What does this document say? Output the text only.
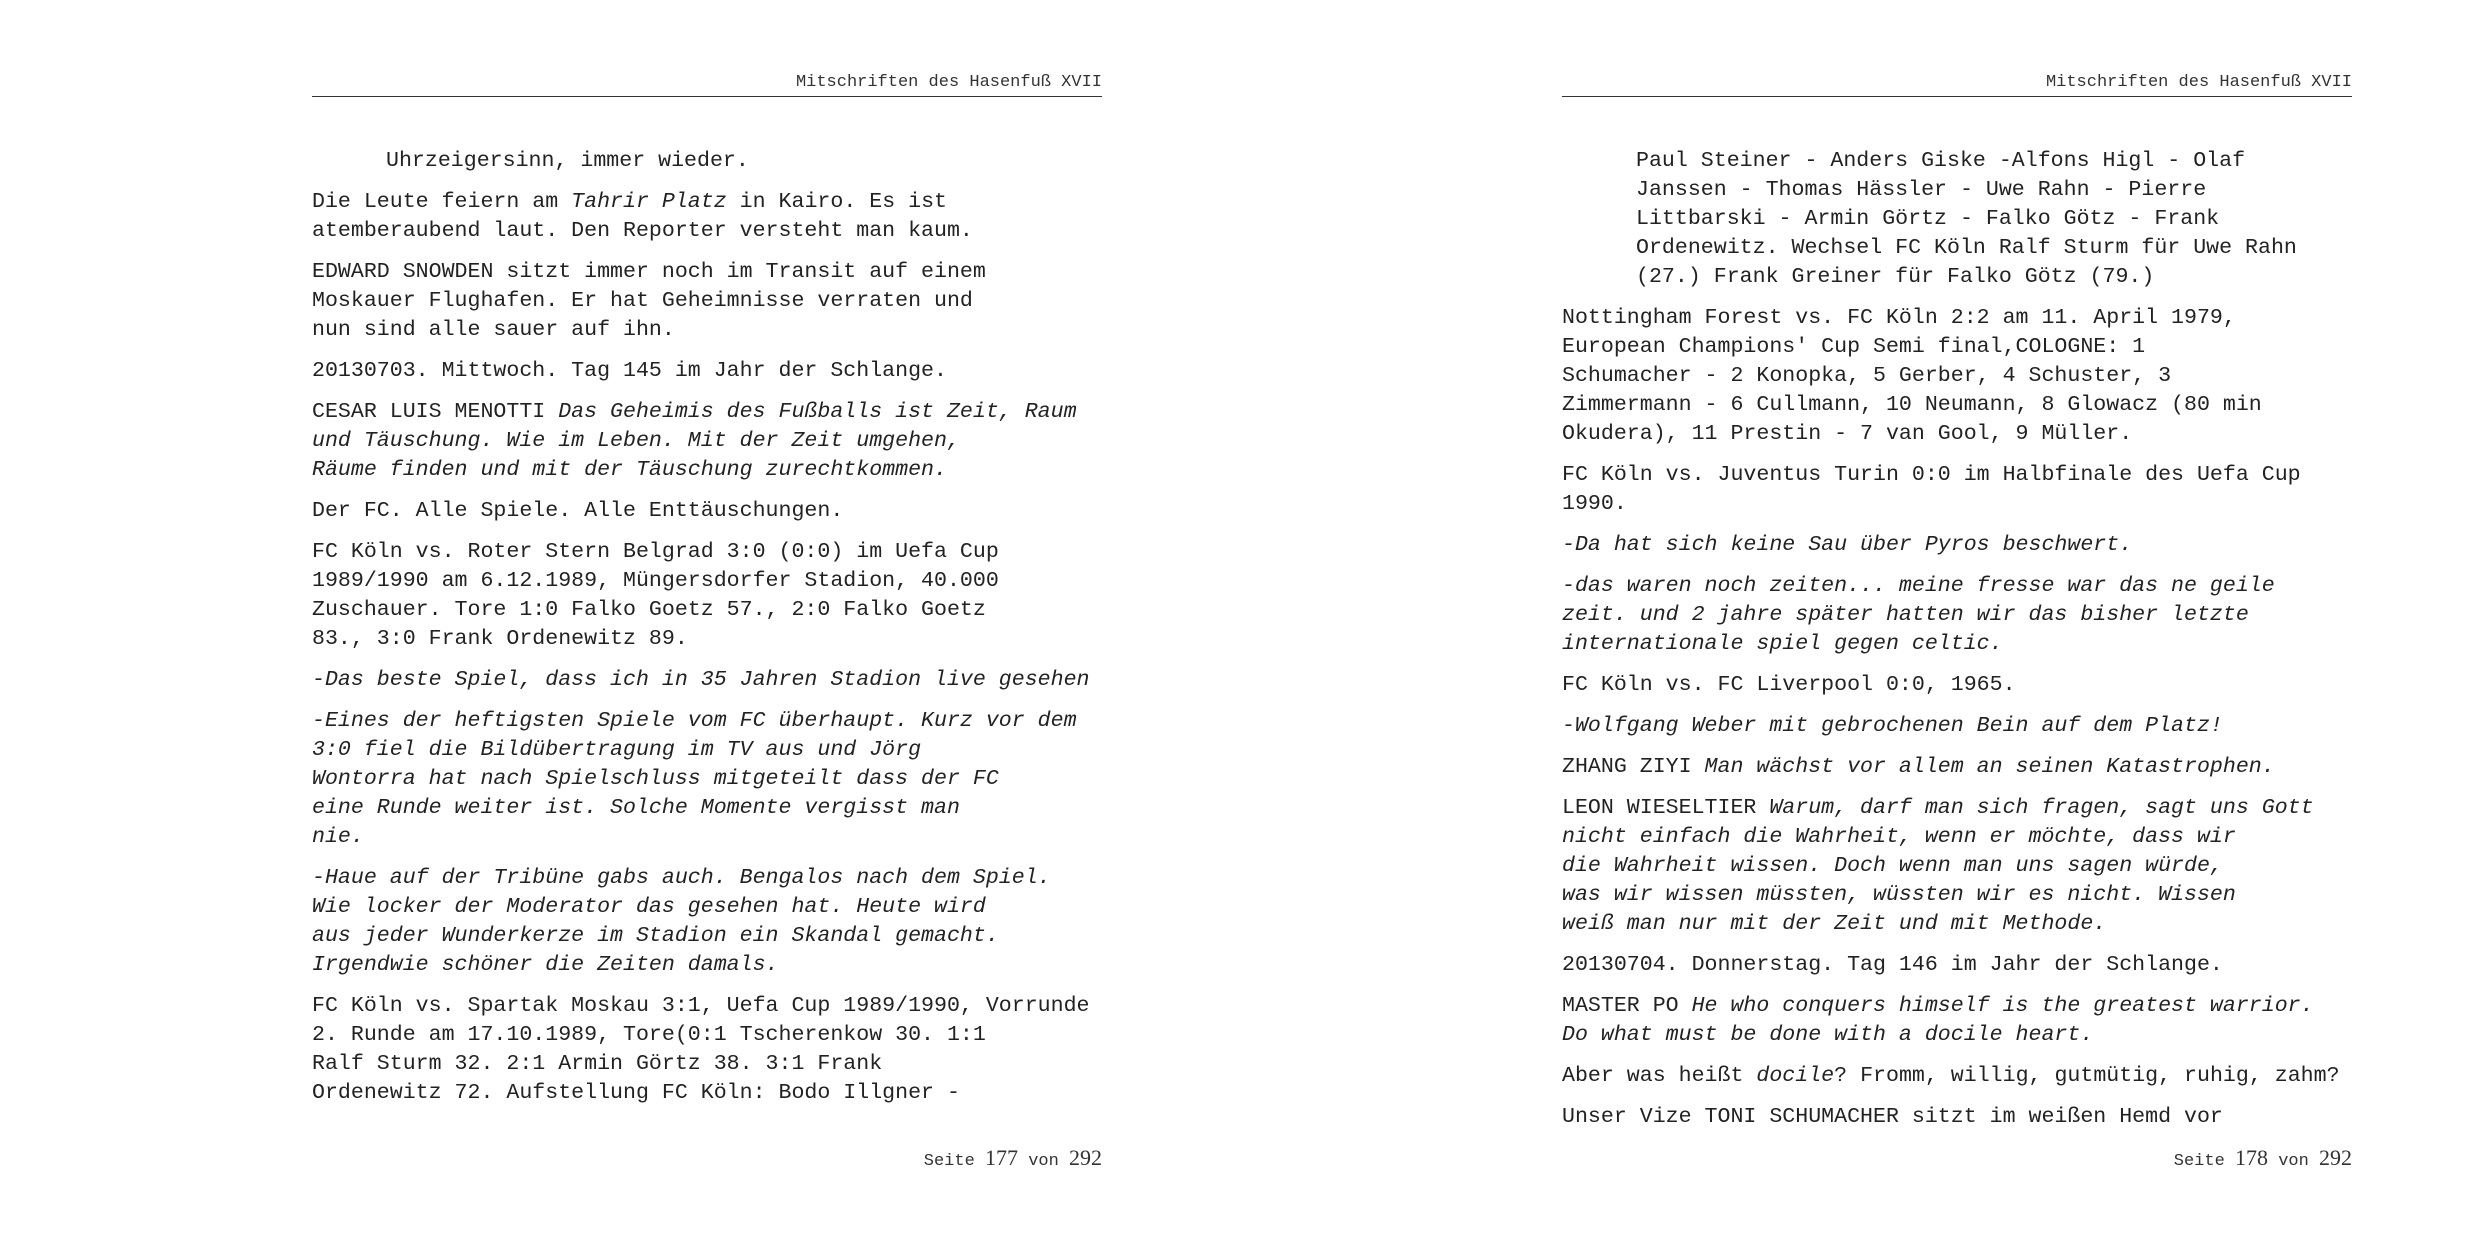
Mitschriften des Hasenfuß XVII

Uhrzeigersinn, immer wieder.

Die Leute feiern am Tahrir Platz in Kairo. Es ist
atemberaubend laut. Den Reporter versteht man kaum.

EDWARD SNOWDEN sitzt immer noch im Transit auf einem
Moskauer Flughafen. Er hat Geheimnisse verraten und
nun sind alle sauer auf ihn.

20130703. Mittwoch. Tag 145 im Jahr der Schlange.

CESAR LUIS MENOTTI Das Geheimis des Fußballs ist Zeit, Raum
und Täuschung. Wie im Leben. Mit der Zeit umgehen,
Räume finden und mit der Täuschung zurechtkommen.

Der FC. Alle Spiele. Alle Enttäuschungen.

FC Köln vs. Roter Stern Belgrad 3:0 (0:0) im Uefa Cup
1989/1990 am 6.12.1989, Müngersdorfer Stadion, 40.000
Zuschauer. Tore 1:0 Falko Goetz 57., 2:0 Falko Goetz
83., 3:0 Frank Ordenewitz 89.

-Das beste Spiel, dass ich in 35 Jahren Stadion live gesehen

-Eines der heftigsten Spiele vom FC überhaupt. Kurz vor dem
3:0 fiel die Bildübertragung im TV aus und Jörg
Wontorra hat nach Spielschluss mitgeteilt dass der FC
eine Runde weiter ist. Solche Momente vergisst man
nie.

-Haue auf der Tribüne gabs auch. Bengalos nach dem Spiel.
Wie locker der Moderator das gesehen hat. Heute wird
aus jeder Wunderkerze im Stadion ein Skandal gemacht.
Irgendwie schöner die Zeiten damals.

FC Köln vs. Spartak Moskau 3:1, Uefa Cup 1989/1990, Vorrunde
2. Runde am 17.10.1989, Tore(0:1 Tscherenkow 30. 1:1
Ralf Sturm 32. 2:1 Armin Görtz 38. 3:1 Frank
Ordenewitz 72. Aufstellung FC Köln: Bodo Illgner -

Seite 177 von 292
Mitschriften des Hasenfuß XVII

Paul Steiner - Anders Giske -Alfons Higl - Olaf
Janssen - Thomas Hässler - Uwe Rahn - Pierre
Littbarski - Armin Görtz - Falko Götz - Frank
Ordenewitz. Wechsel FC Köln Ralf Sturm für Uwe Rahn
(27.) Frank Greiner für Falko Götz (79.)

Nottingham Forest vs. FC Köln 2:2 am 11. April 1979,
European Champions' Cup Semi final,COLOGNE: 1
Schumacher - 2 Konopka, 5 Gerber, 4 Schuster, 3
Zimmermann - 6 Cullmann, 10 Neumann, 8 Glowacz (80 min
Okudera), 11 Prestin - 7 van Gool, 9 Müller.

FC Köln vs. Juventus Turin 0:0 im Halbfinale des Uefa Cup
1990.

-Da hat sich keine Sau über Pyros beschwert.

-das waren noch zeiten... meine fresse war das ne geile
zeit. und 2 jahre später hatten wir das bisher letzte
internationale spiel gegen celtic.

FC Köln vs. FC Liverpool 0:0, 1965.

-Wolfgang Weber mit gebrochenen Bein auf dem Platz!

ZHANG ZIYI Man wächst vor allem an seinen Katastrophen.

LEON WIESELTIER Warum, darf man sich fragen, sagt uns Gott
nicht einfach die Wahrheit, wenn er möchte, dass wir
die Wahrheit wissen. Doch wenn man uns sagen würde,
was wir wissen müssten, wüssten wir es nicht. Wissen
weiß man nur mit der Zeit und mit Methode.

20130704. Donnerstag. Tag 146 im Jahr der Schlange.

MASTER PO He who conquers himself is the greatest warrior.
Do what must be done with a docile heart.

Aber was heißt docile? Fromm, willig, gutmütig, ruhig, zahm?

Unser Vize TONI SCHUMACHER sitzt im weißen Hemd vor

Seite 178 von 292
